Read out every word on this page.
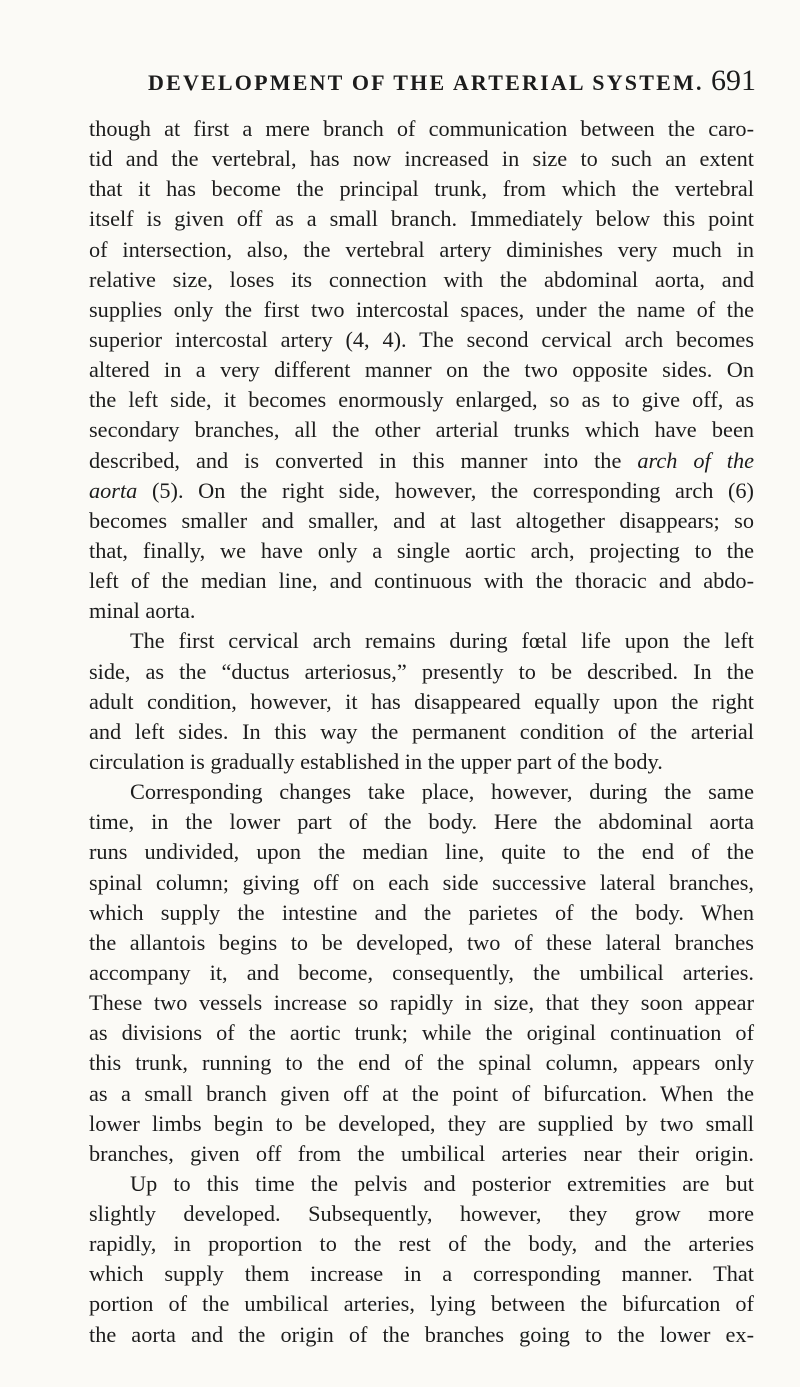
DEVELOPMENT OF THE ARTERIAL SYSTEM. 691
though at first a mere branch of communication between the caro-
tid and the vertebral, has now increased in size to such an extent
that it has become the principal trunk, from which the vertebral
itself is given off as a small branch. Immediately below this point
of intersection, also, the vertebral artery diminishes very much in
relative size, loses its connection with the abdominal aorta, and
supplies only the first two intercostal spaces, under the name of the
superior intercostal artery (4, 4). The second cervical arch becomes
altered in a very different manner on the two opposite sides. On
the left side, it becomes enormously enlarged, so as to give off, as
secondary branches, all the other arterial trunks which have been
described, and is converted in this manner into the arch of the
aorta (5). On the right side, however, the corresponding arch (6)
becomes smaller and smaller, and at last altogether disappears; so
that, finally, we have only a single aortic arch, projecting to the
left of the median line, and continuous with the thoracic and abdo-
minal aorta.
The first cervical arch remains during fœtal life upon the left
side, as the “ductus arteriosus,” presently to be described. In the
adult condition, however, it has disappeared equally upon the right
and left sides. In this way the permanent condition of the arterial
circulation is gradually established in the upper part of the body.
Corresponding changes take place, however, during the same
time, in the lower part of the body. Here the abdominal aorta
runs undivided, upon the median line, quite to the end of the
spinal column; giving off on each side successive lateral branches,
which supply the intestine and the parietes of the body. When
the allantois begins to be developed, two of these lateral branches
accompany it, and become, consequently, the umbilical arteries.
These two vessels increase so rapidly in size, that they soon appear
as divisions of the aortic trunk; while the original continuation of
this trunk, running to the end of the spinal column, appears only
as a small branch given off at the point of bifurcation. When the
lower limbs begin to be developed, they are supplied by two small
branches, given off from the umbilical arteries near their origin.
Up to this time the pelvis and posterior extremities are but
slightly developed. Subsequently, however, they grow more
rapidly, in proportion to the rest of the body, and the arteries
which supply them increase in a corresponding manner. That
portion of the umbilical arteries, lying between the bifurcation of
the aorta and the origin of the branches going to the lower ex-
